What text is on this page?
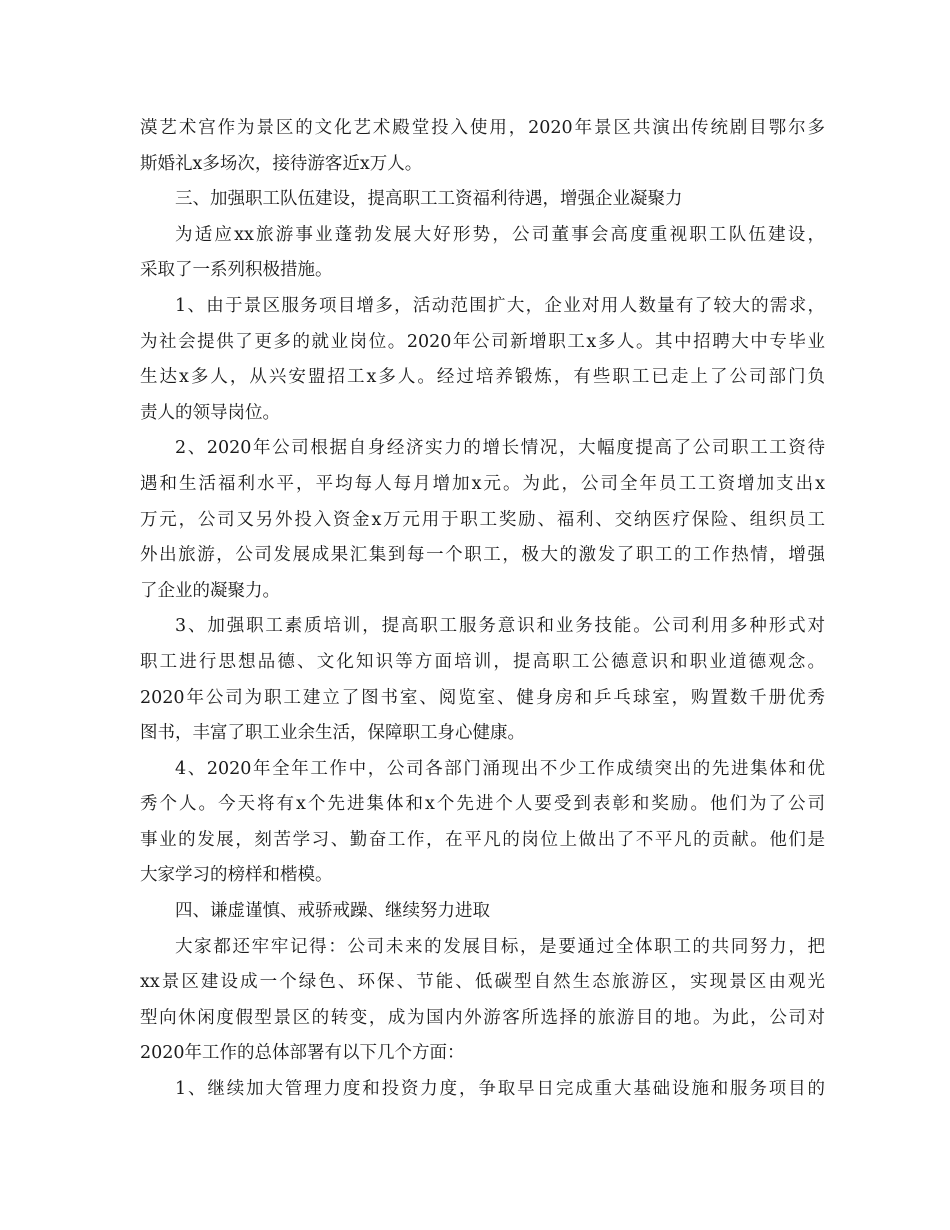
漠艺术宫作为景区的文化艺术殿堂投入使用，2020年景区共演出传统剧目鄂尔多
斯婚礼x多场次，接待游客近x万人。
三、加强职工队伍建设，提高职工工资福利待遇，增强企业凝聚力
为适应xx旅游事业蓬勃发展大好形势，公司董事会高度重视职工队伍建设，
采取了一系列积极措施。
1、由于景区服务项目增多，活动范围扩大，企业对用人数量有了较大的需求，
为社会提供了更多的就业岗位。2020年公司新增职工x多人。其中招聘大中专毕业
生达x多人，从兴安盟招工x多人。经过培养锻炼，有些职工已走上了公司部门负
责人的领导岗位。
2、2020年公司根据自身经济实力的增长情况，大幅度提高了公司职工工资待
遇和生活福利水平，平均每人每月增加x元。为此，公司全年员工工资增加支出x
万元，公司又另外投入资金x万元用于职工奖励、福利、交纳医疗保险、组织员工
外出旅游，公司发展成果汇集到每一个职工，极大的激发了职工的工作热情，增强
了企业的凝聚力。
3、加强职工素质培训，提高职工服务意识和业务技能。公司利用多种形式对
职工进行思想品德、文化知识等方面培训，提高职工公德意识和职业道德观念。
2020年公司为职工建立了图书室、阅览室、健身房和乒乓球室，购置数千册优秀
图书，丰富了职工业余生活，保障职工身心健康。
4、2020年全年工作中，公司各部门涌现出不少工作成绩突出的先进集体和优
秀个人。今天将有x个先进集体和x个先进个人要受到表彰和奖励。他们为了公司
事业的发展，刻苦学习、勤奋工作，在平凡的岗位上做出了不平凡的贡献。他们是
大家学习的榜样和楷模。
四、谦虚谨慎、戒骄戒躁、继续努力进取
大家都还牢牢记得：公司未来的发展目标，是要通过全体职工的共同努力，把
xx景区建设成一个绿色、环保、节能、低碳型自然生态旅游区，实现景区由观光
型向休闲度假型景区的转变，成为国内外游客所选择的旅游目的地。为此，公司对
2020年工作的总体部署有以下几个方面：
1、继续加大管理力度和投资力度，争取早日完成重大基础设施和服务项目的
